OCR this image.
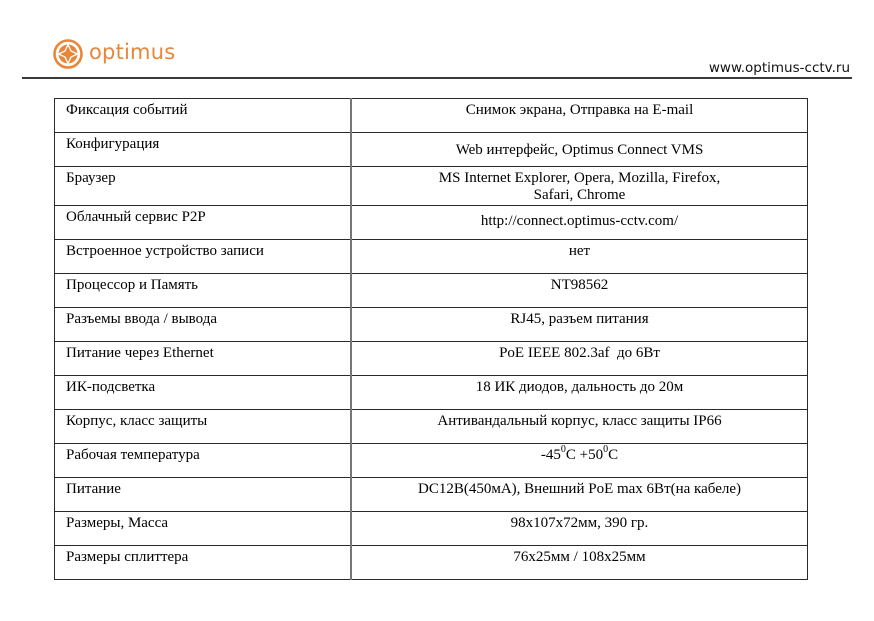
optimus
www.optimus-cctv.ru
Фиксация событий	Снимок экрана, Отправка на E-mail
Конфигурация	Web интерфейс, Optimus Connect VMS
Браузер	MS Internet Explorer, Opera, Mozilla, Firefox,
Safari, Chrome

Облачный сервис P2P	http://connect.optimus-cctv.com/
Встроенное устройство записи	нет
Процессор и Память	NT98562
Разъемы ввода / вывода	RJ45, разъем питания
Питание через Ethernet	PoE IEEE 802.3af  до 6Вт
ИК-подсветка	18 ИК диодов, дальность до 20м
Корпус, класс защиты	Антивандальный корпус, класс защиты IP66
Рабочая температура	$-45^0C +50^0C$
Питание	DC12В(450мА), Внешний PoE max 6Вт(на кабеле)
Размеры, Масса	98x107x72мм, 390 гр.
Размеры сплиттера	76x25мм / 108x25мм
